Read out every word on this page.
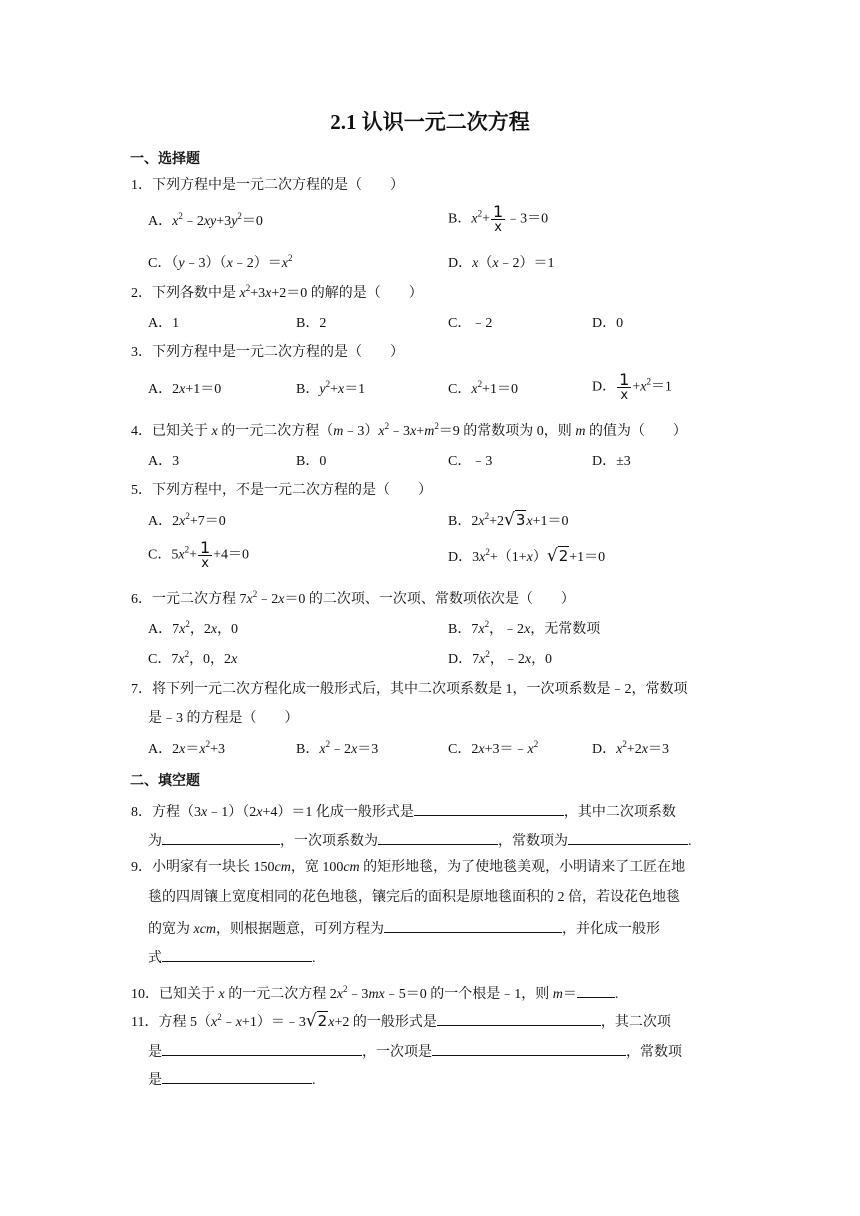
2.1 认识一元二次方程
一、选择题
1．下列方程中是一元二次方程的是（　　）
A．$x^2﹣2xy+3y^2=0$	B．$x^2+ \frac{1}{x}$ ﹣3＝0
C．$(y﹣3)(x﹣2)=x^2$	D．x（x﹣2）＝1
2．下列各数中是 $x^2+3x+2=0$ 的解的是（　　）
A．1	B．2	C．﹣2	D．0
3．下列方程中是一元二次方程的是（　　）
A．2x+1＝0	B．$y^2+x=1$	C．$x^2+1=0$	D． $\frac{1}{x} +x^2=1$
4．已知关于 x 的一元二次方程$(m﹣3)x^2﹣3x+m^2=9$ 的常数项为 0，则 m 的值为（　　）
A．3	B．0	C．﹣3	D．±3
5．下列方程中，不是一元二次方程的是（　　）
A．$2x^2+7=0$	B．$2x^2+2√3x+1=0$
C．$5x^2+ \frac{1}{x} +4=0$	D．$3x^2+(1+x)√2+1=0$
6．一元二次方程 $7x^2﹣2x=0$ 的二次项、一次项、常数项依次是（　　）
A．$7x^2$，2x，0	B．$7x^2$，﹣2x，无常数项
C．$7x^2$，0，2x	D．$7x^2$，﹣2x，0
7．将下列一元二次方程化成一般形式后，其中二次项系数是 1，一次项系数是﹣2，常数项
是﹣3 的方程是（　　）
A．$2x=x^2+3$	B．$x^2﹣2x=3$	C．$2x+3=﹣x^2$	D．$x^2+2x=3$
二、填空题
8．方程（3x﹣1）（2x+4）＝1 化成一般形式是	，其中二次项系数
为	，一次项系数为	，常数项为	.
9．小明家有一块长 150cm，宽 100cm 的矩形地毯，为了使地毯美观，小明请来了工匠在地
毯的四周镶上宽度相同的花色地毯，镶完后的面积是原地毯面积的 2 倍，若设花色地毯
的宽为 xcm，则根据题意，可列方程为	，并化成一般形
式	.
10．已知关于 x 的一元二次方程 $2x^2﹣3mx﹣5=0$ 的一个根是﹣1，则 m＝	.
11．方程 $5(x^2﹣x+1)=﹣3√2x+2$ 的一般形式是	，其二次项
是	，一次项是	，常数项
是	.
